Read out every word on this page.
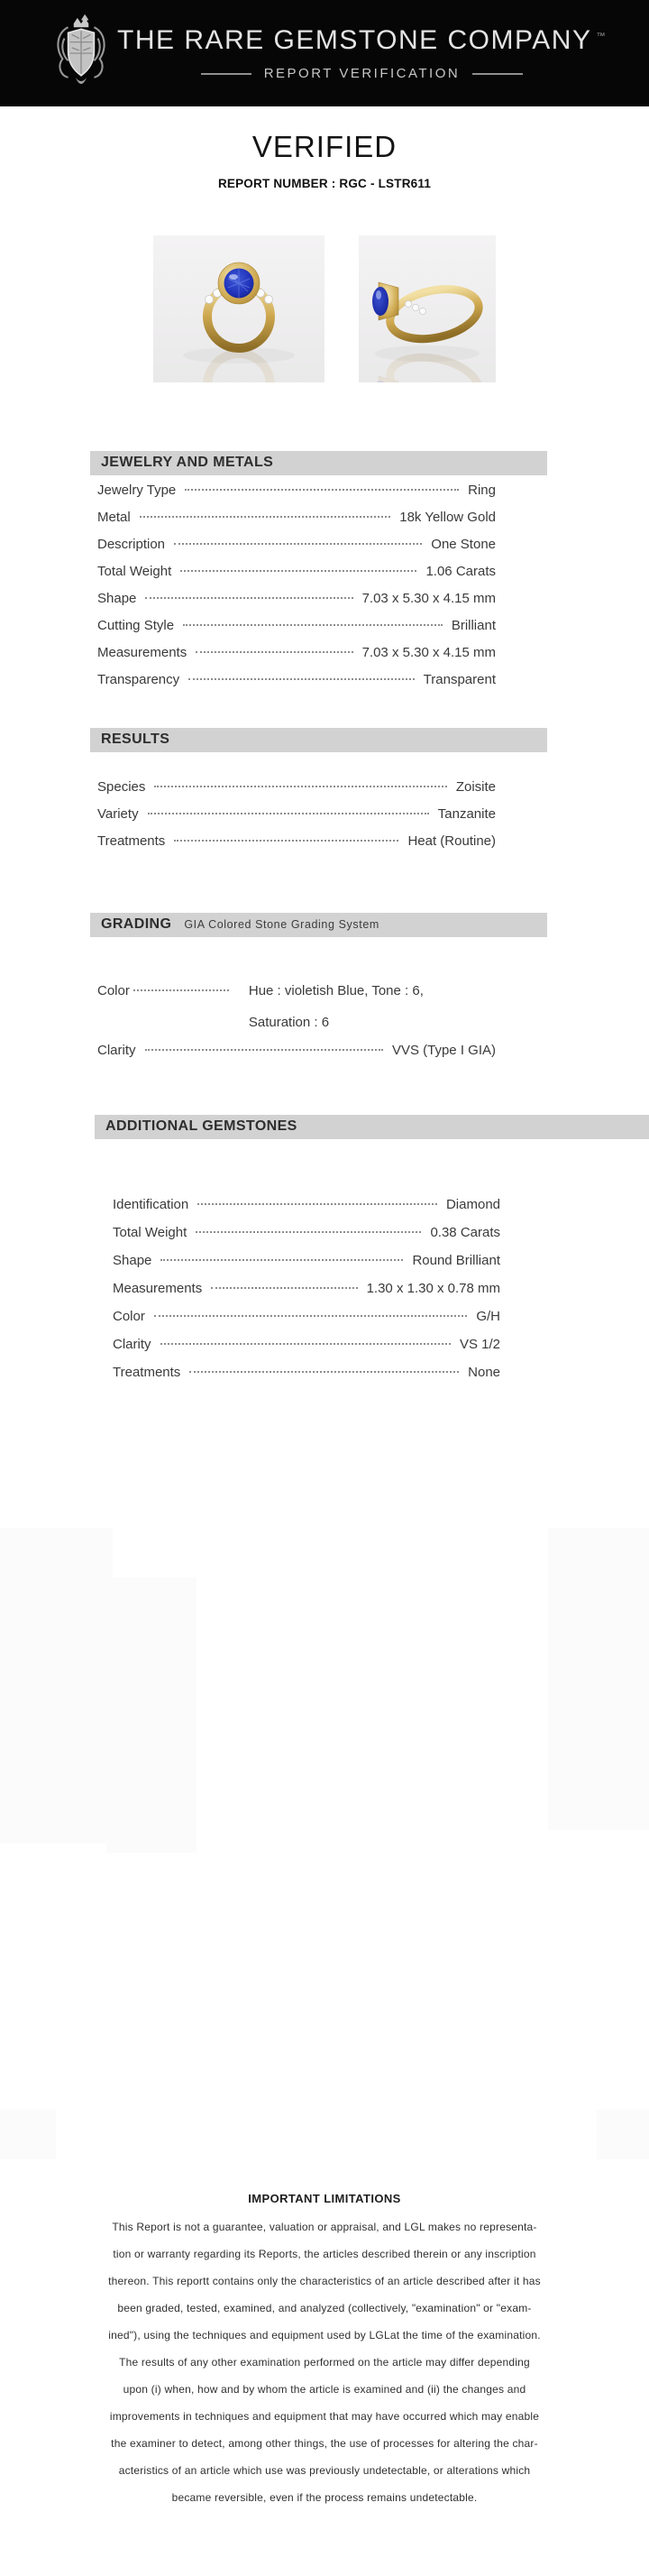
THE RARE GEMSTONE COMPANY ™
REPORT VERIFICATION
VERIFIED
REPORT NUMBER : RGC - LSTR611
JEWELRY AND METALS
Jewelry Type	Ring
Metal	18k Yellow Gold
Description	One Stone
Total Weight	1.06 Carats
Shape	7.03 x 5.30 x 4.15 mm
Cutting Style	Brilliant
Measurements	7.03 x 5.30 x 4.15 mm
Transparency	Transparent
RESULTS
Species	Zoisite
Variety	Tanzanite
Treatments	Heat (Routine)
GRADING GIA Colored Stone Grading System
Color	Hue : violetish Blue, Tone : 6,
Saturation : 6
Clarity	VVS (Type I GIA)
ADDITIONAL GEMSTONES
Identification	Diamond
Total Weight	0.38 Carats
Shape	Round Brilliant
Measurements	1.30 x 1.30 x 0.78 mm
Color	G/H
Clarity	VS 1/2
Treatments	None
IMPORTANT LIMITATIONS
This Report is not a guarantee, valuation or appraisal, and LGL makes no representa-
tion or warranty regarding its Reports, the articles described therein or any inscription
thereon. This reportt contains only the characteristics of an article described after it has
been graded, tested, examined, and analyzed (collectively, "examination" or "exam-
ined"), using the techniques and equipment used by LGLat the time of the examination.
The results of any other examination performed on the article may differ depending
upon (i) when, how and by whom the article is examined and (ii) the changes and
improvements in techniques and equipment that may have occurred which may enable
the examiner to detect, among other things, the use of processes for altering the char-
acteristics of an article which use was previously undetectable, or alterations which
became reversible, even if the process remains undetectable.
